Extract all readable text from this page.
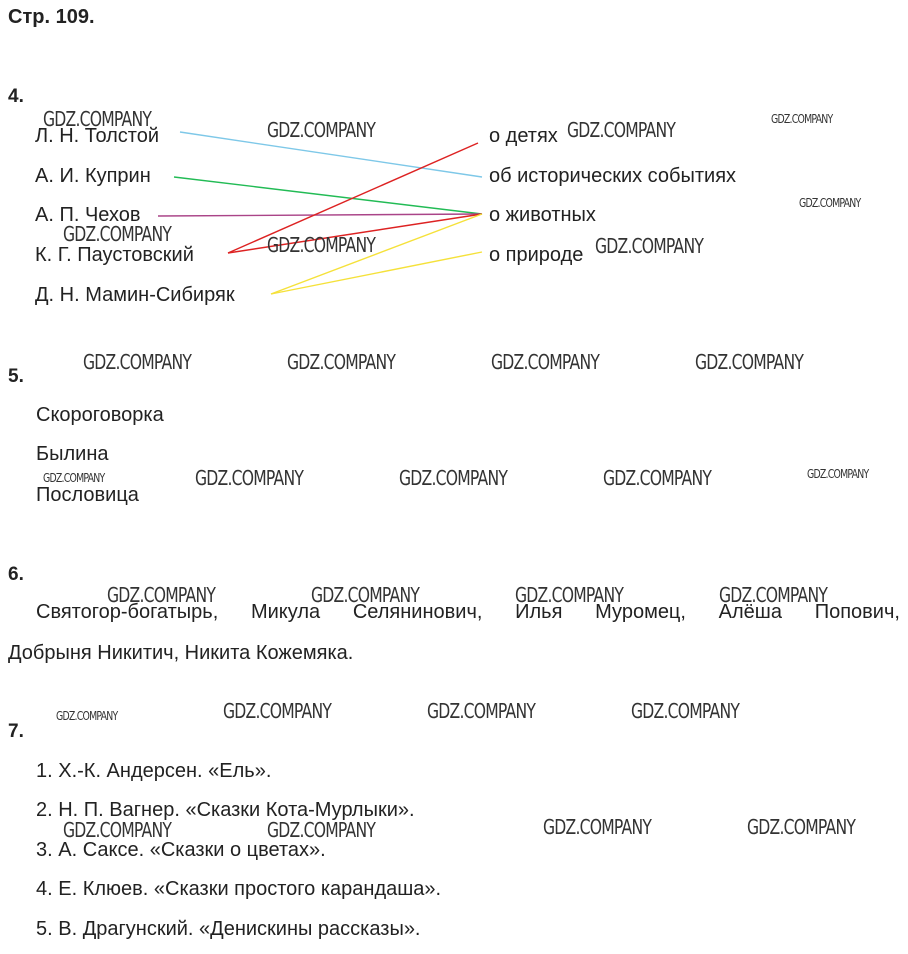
Стр. 109.
4.
Л. Н. Толстой
А. И. Куприн
А. П. Чехов
К. Г. Паустовский
Д. Н. Мамин-Сибиряк
о детях
об исторических событиях
о животных
о природе
5.
Скороговорка
Былина
Пословица
6.
Святогор-богатырь, Микула Селянинович, Илья Муромец, Алёша Попович,
Добрыня Никитич, Никита Кожемяка.
7.
1. Х.-К. Андерсен. «Ель».
2. Н. П. Вагнер. «Сказки Кота-Мурлыки».
3. А. Саксе. «Сказки о цветах».
4. Е. Клюев. «Сказки простого карандаша».
5. В. Драгунский. «Денискины рассказы».
GDZ.COMPANY	GDZ.COMPANY	GDZ.COMPANY	GDZ.COMPANY
GDZ.COMPANY
GDZ.COMPANY	GDZ.COMPANY	GDZ.COMPANY
GDZ.COMPANY	GDZ.COMPANY	GDZ.COMPANY	GDZ.COMPANY
GDZ.COMPANY	GDZ.COMPANY	GDZ.COMPANY	GDZ.COMPANY	GDZ.COMPANY
GDZ.COMPANY	GDZ.COMPANY	GDZ.COMPANY	GDZ.COMPANY
GDZ.COMPANY	GDZ.COMPANY	GDZ.COMPANY	GDZ.COMPANY
GDZ.COMPANY	GDZ.COMPANY	GDZ.COMPANY	GDZ.COMPANY
